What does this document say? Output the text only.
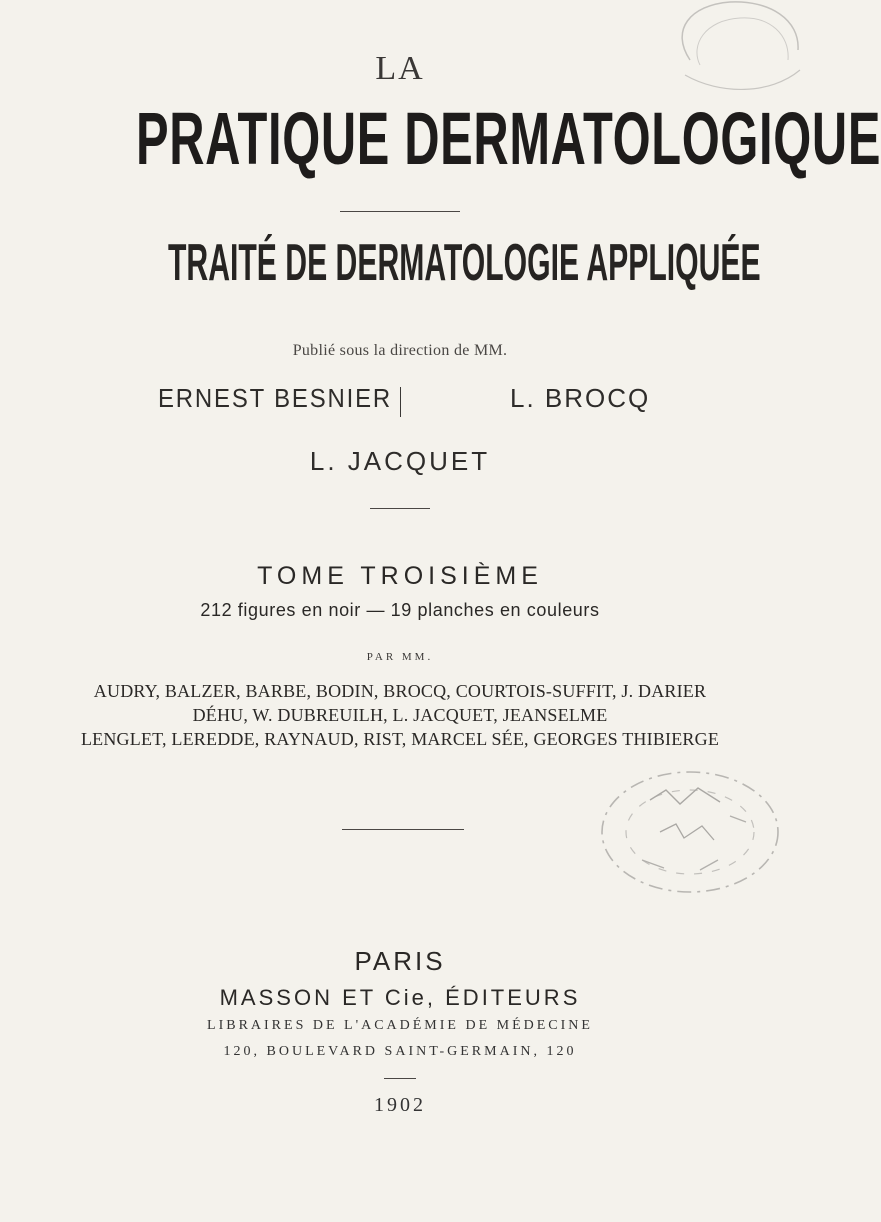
LA
PRATIQUE DERMATOLOGIQUE
TRAITÉ DE DERMATOLOGIE APPLIQUÉE
Publié sous la direction de MM.
ERNEST BESNIER	L. BROCQ
L. JACQUET
TOME TROISIÈME
212 figures en noir — 19 planches en couleurs
PAR MM.
AUDRY, BALZER, BARBE, BODIN, BROCQ, COURTOIS-SUFFIT, J. DARIER
DÉHU, W. DUBREUILH, L. JACQUET, JEANSELME
LENGLET, LEREDDE, RAYNAUD, RIST, MARCEL SÉE, GEORGES THIBIERGE
PARIS
MASSON ET Cie, ÉDITEURS
LIBRAIRES DE L'ACADÉMIE DE MÉDECINE
120, BOULEVARD SAINT-GERMAIN, 120
1902
